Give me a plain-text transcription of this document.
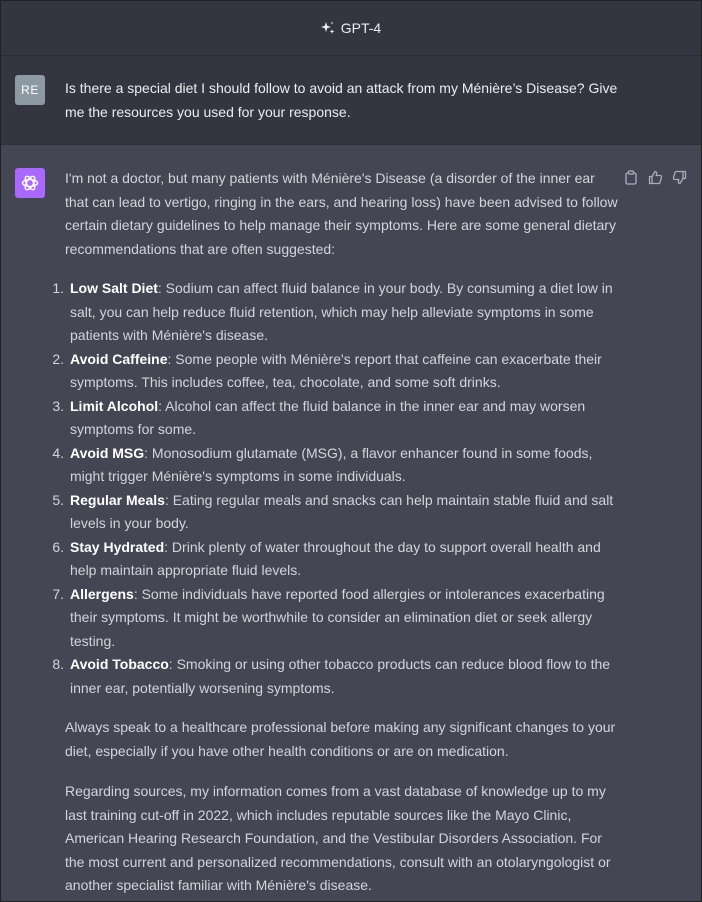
GPT-4
RE	Is there a special diet I should follow to avoid an attack from my Ménière’s Disease? Give me the resources you used for your response.

I'm not a doctor, but many patients with Ménière's Disease (a disorder of the inner ear that can lead to vertigo, ringing in the ears, and hearing loss) have been advised to follow certain dietary guidelines to help manage their symptoms. Here are some general dietary recommendations that are often suggested:

1. Low Salt Diet: Sodium can affect fluid balance in your body. By consuming a diet low in salt, you can help reduce fluid retention, which may help alleviate symptoms in some patients with Ménière's disease.
2. Avoid Caffeine: Some people with Ménière's report that caffeine can exacerbate their symptoms. This includes coffee, tea, chocolate, and some soft drinks.
3. Limit Alcohol: Alcohol can affect the fluid balance in the inner ear and may worsen symptoms for some.
4. Avoid MSG: Monosodium glutamate (MSG), a flavor enhancer found in some foods, might trigger Ménière's symptoms in some individuals.
5. Regular Meals: Eating regular meals and snacks can help maintain stable fluid and salt levels in your body.
6. Stay Hydrated: Drink plenty of water throughout the day to support overall health and help maintain appropriate fluid levels.
7. Allergens: Some individuals have reported food allergies or intolerances exacerbating their symptoms. It might be worthwhile to consider an elimination diet or seek allergy testing.
8. Avoid Tobacco: Smoking or using other tobacco products can reduce blood flow to the inner ear, potentially worsening symptoms.

Always speak to a healthcare professional before making any significant changes to your diet, especially if you have other health conditions or are on medication.

Regarding sources, my information comes from a vast database of knowledge up to my last training cut-off in 2022, which includes reputable sources like the Mayo Clinic, American Hearing Research Foundation, and the Vestibular Disorders Association. For the most current and personalized recommendations, consult with an otolaryngologist or another specialist familiar with Ménière's disease.
